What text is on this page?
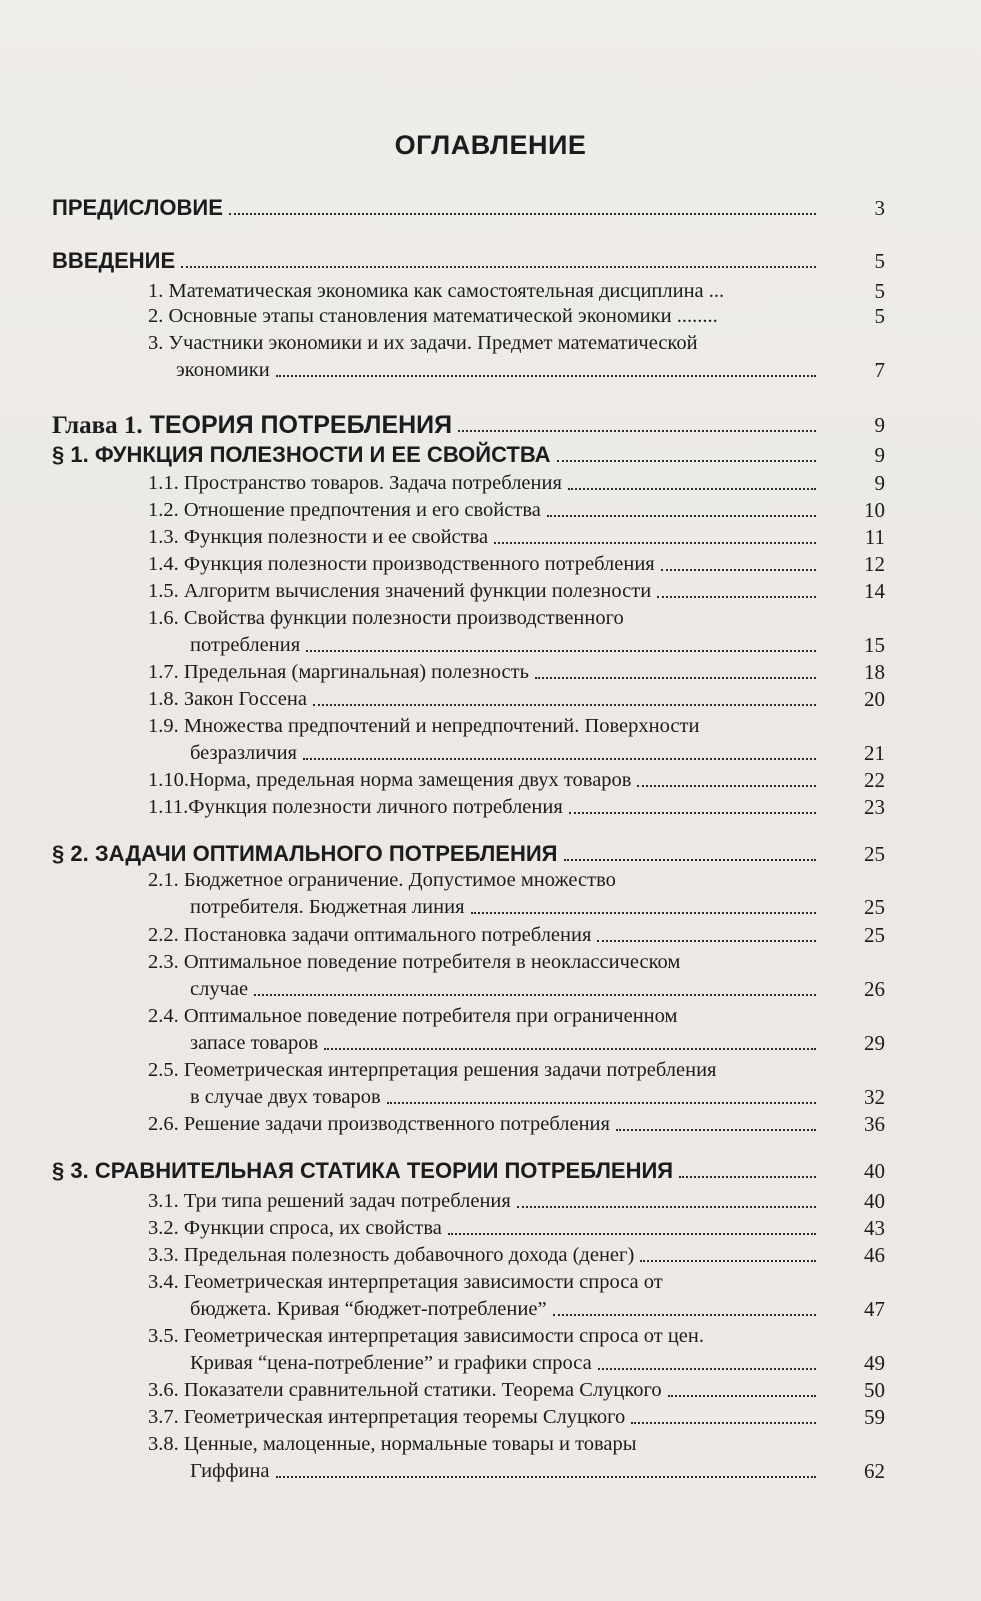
ОГЛАВЛЕНИЕ
ПРЕДИСЛОВИЕ	3
ВВЕДЕНИЕ	5
1. Математическая экономика как самостоятельная дисциплина ...	5
2. Основные этапы становления математической экономики ........	5
3. Участники экономики и их задачи. Предмет математической
экономики	7
Глава 1. ТЕОРИЯ ПОТРЕБЛЕНИЯ	9
§ 1. ФУНКЦИЯ ПОЛЕЗНОСТИ И ЕЕ СВОЙСТВА	9
1.1. Пространство товаров. Задача потребления	9
1.2. Отношение предпочтения и его свойства	10
1.3. Функция полезности и ее свойства	11
1.4. Функция полезности производственного потребления	12
1.5. Алгоритм вычисления значений функции полезности	14
1.6. Свойства функции полезности производственного
потребления	15
1.7. Предельная (маргинальная) полезность	18
1.8. Закон Госсена	20
1.9. Множества предпочтений и непредпочтений. Поверхности
безразличия	21
1.10.Норма, предельная норма замещения двух товаров	22
1.11.Функция полезности личного потребления	23
§ 2. ЗАДАЧИ ОПТИМАЛЬНОГО ПОТРЕБЛЕНИЯ	25
2.1. Бюджетное ограничение. Допустимое множество
потребителя. Бюджетная линия	25
2.2. Постановка задачи оптимального потребления	25
2.3. Оптимальное поведение потребителя в неоклассическом
случае	26
2.4. Оптимальное поведение потребителя при ограниченном
запасе товаров	29
2.5. Геометрическая интерпретация решения задачи потребления
в случае двух товаров	32
2.6. Решение задачи производственного потребления	36
§ 3. СРАВНИТЕЛЬНАЯ СТАТИКА ТЕОРИИ ПОТРЕБЛЕНИЯ	40
3.1. Три типа решений задач потребления	40
3.2. Функции спроса, их свойства	43
3.3. Предельная полезность добавочного дохода (денег)	46
3.4. Геометрическая интерпретация зависимости спроса от
бюджета. Кривая “бюджет-потребление”	47
3.5. Геометрическая интерпретация зависимости спроса от цен.
Кривая “цена-потребление” и графики спроса	49
3.6. Показатели сравнительной статики. Теорема Слуцкого	50
3.7. Геометрическая интерпретация теоремы Слуцкого	59
3.8. Ценные, малоценные, нормальные товары и товары
Гиффина	62
